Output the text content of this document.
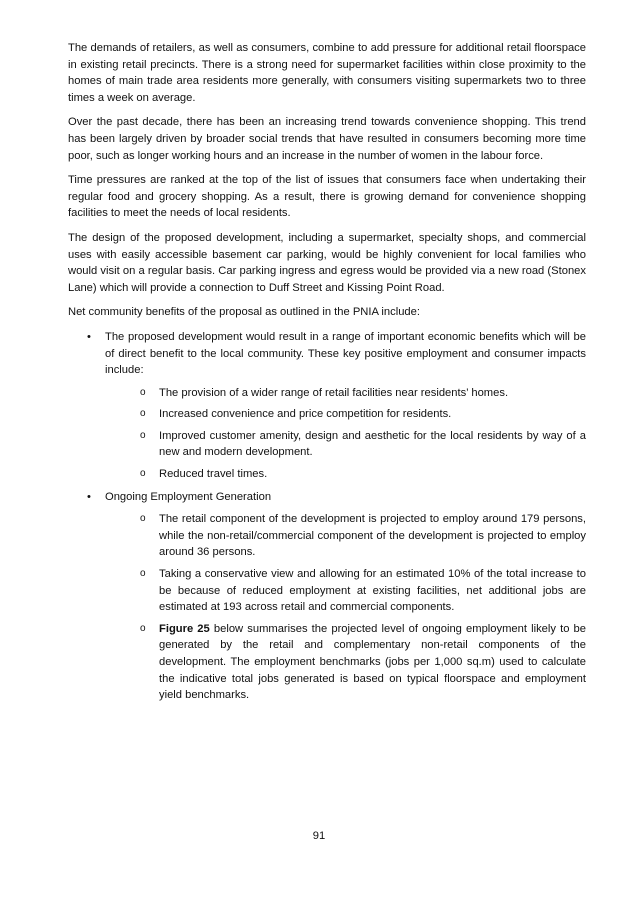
The demands of retailers, as well as consumers, combine to add pressure for additional retail floorspace in existing retail precincts. There is a strong need for supermarket facilities within close proximity to the homes of main trade area residents more generally, with consumers visiting supermarkets two to three times a week on average.

Over the past decade, there has been an increasing trend towards convenience shopping. This trend has been largely driven by broader social trends that have resulted in consumers becoming more time poor, such as longer working hours and an increase in the number of women in the labour force.

Time pressures are ranked at the top of the list of issues that consumers face when undertaking their regular food and grocery shopping. As a result, there is growing demand for convenience shopping facilities to meet the needs of local residents.

The design of the proposed development, including a supermarket, specialty shops, and commercial uses with easily accessible basement car parking, would be highly convenient for local families who would visit on a regular basis. Car parking ingress and egress would be provided via a new road (Stonex Lane) which will provide a connection to Duff Street and Kissing Point Road.

Net community benefits of the proposal as outlined in the PNIA include:

• The proposed development would result in a range of important economic benefits which will be of direct benefit to the local community. These key positive employment and consumer impacts include:
o The provision of a wider range of retail facilities near residents’ homes.
o Increased convenience and price competition for residents.
o Improved customer amenity, design and aesthetic for the local residents by way of a new and modern development.
o Reduced travel times.
• Ongoing Employment Generation
o The retail component of the development is projected to employ around 179 persons, while the non-retail/commercial component of the development is projected to employ around 36 persons.
o Taking a conservative view and allowing for an estimated 10% of the total increase to be because of reduced employment at existing facilities, net additional jobs are estimated at 193 across retail and commercial components.
o Figure 25 below summarises the projected level of ongoing employment likely to be generated by the retail and complementary non-retail components of the development. The employment benchmarks (jobs per 1,000 sq.m) used to calculate the indicative total jobs generated is based on typical floorspace and employment yield benchmarks.
91
